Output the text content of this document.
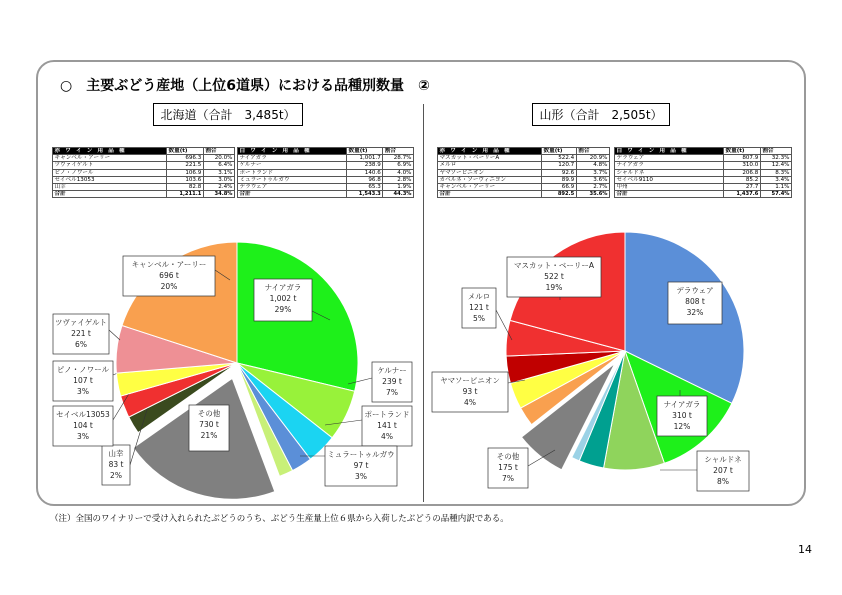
○　主要ぶどう産地（上位6道県）における品種別数量　②
北海道（合計　3,485t）	山形（合計　2,505t）
赤 ワ イ ン 用 品 種	数量(t)	割合
キャンベル・アーリー	696.3	20.0%
ツヴァイゲルト	221.5	6.4%
ピノ・ノワール	106.9	3.1%
セイベル13053	103.6	3.0%
山幸	82.8	2.4%
合計	1,211.1	34.8%
白 ワ イ ン 用 品 種	数量(t)	割合
ナイアガラ	1,001.7	28.7%
ケルナー	238.9	6.9%
ポートランド	140.6	4.0%
ミュラートゥルガウ	96.8	2.8%
デラウェア	65.3	1.9%
合計	1,543.3	44.3%
赤 ワ イ ン 用 品 種	数量(t)	割合
マスカット・ベーリーA	522.4	20.9%
メルロ	120.7	4.8%
ヤマソービニオン	92.6	3.7%
カベルネ・ソーヴィニヨン	89.9	3.6%
キャンベル・アーリー	66.9	2.7%
合計	892.5	35.6%
白 ワ イ ン 用 品 種	数量(t)	割合
デラウェア	807.9	32.3%
ナイアガラ	310.0	12.4%
シャルドネ	206.8	8.3%
セイベル9110	85.2	3.4%
甲州	27.7	1.1%
合計	1,437.6	57.4%
ナイアガラ
1,002 t
29%
ケルナー
239 t
7%
ポートランド
141 t
4%
ミュラートゥルガウ
97 t
3%
その他
730 t
21%
山幸
83 t
2%
セイベル13053
104 t
3%
ピノ・ノワール
107 t
3%
ツヴァイゲルト
221 t
6%
キャンベル・アーリー
696 t
20%	デラウェア
808 t
32%
ナイアガラ
310 t
12%
シャルドネ
207 t
8%
その他
175 t
7%
ヤマソービニオン
93 t
4%
メルロ
121 t
5%
マスカット・ベーリーA
522 t
19%
（注）全国のワイナリーで受け入れられたぶどうのうち、ぶどう生産量上位６県から入荷したぶどうの品種内訳である。
14
